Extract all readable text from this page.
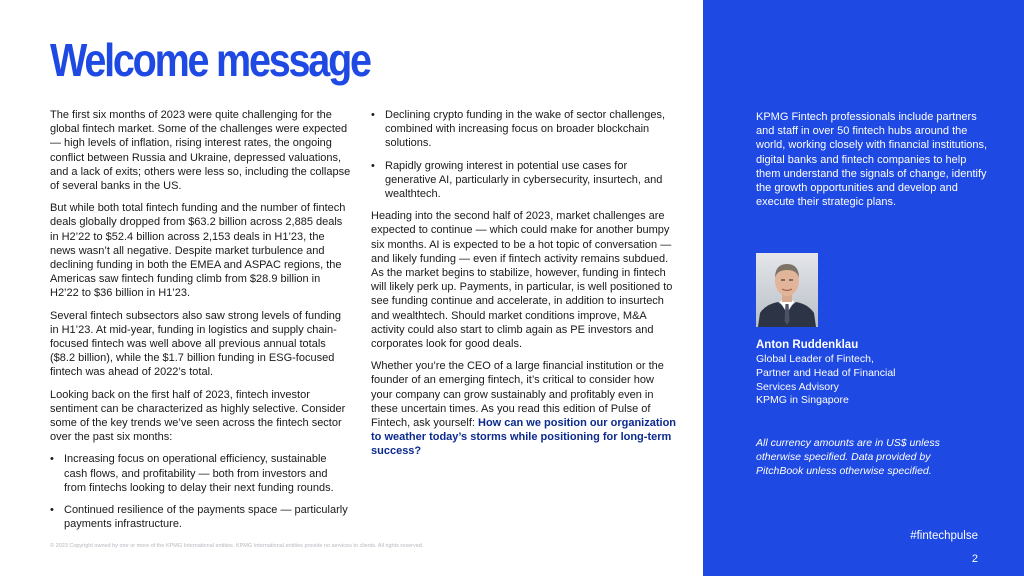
Welcome message

The first six months of 2023 were quite challenging for the global fintech market. Some of the challenges were expected — high levels of inflation, rising interest rates, the ongoing conflict between Russia and Ukraine, depressed valuations, and a lack of exits; others were less so, including the collapse of several banks in the US.

But while both total fintech funding and the number of fintech deals globally dropped from $63.2 billion across 2,885 deals in H2’22 to $52.4 billion across 2,153 deals in H1’23, the news wasn’t all negative. Despite market turbulence and declining funding in both the EMEA and ASPAC regions, the Americas saw fintech funding climb from $28.9 billion in H2’22 to $36 billion in H1’23.

Several fintech subsectors also saw strong levels of funding in H1’23. At mid-year, funding in logistics and supply chain-focused fintech was well above all previous annual totals ($8.2 billion), while the $1.7 billion funding in ESG-focused fintech was ahead of 2022’s total.

Looking back on the first half of 2023, fintech investor sentiment can be characterized as highly selective. Consider some of the key trends we’ve seen across the fintech sector over the past six months:

• Increasing focus on operational efficiency, sustainable cash flows, and profitability — both from investors and from fintechs looking to delay their next funding rounds.
• Continued resilience of the payments space — particularly payments infrastructure.
• Declining crypto funding in the wake of sector challenges, combined with increasing focus on broader blockchain solutions.
• Rapidly growing interest in potential use cases for generative AI, particularly in cybersecurity, insurtech, and wealthtech.

Heading into the second half of 2023, market challenges are expected to continue — which could make for another bumpy six months. AI is expected to be a hot topic of conversation — and likely funding — even if fintech activity remains subdued. As the market begins to stabilize, however, funding in fintech will likely perk up. Payments, in particular, is well positioned to see funding continue and accelerate, in addition to insurtech and wealthtech. Should market conditions improve, M&A activity could also start to climb again as PE investors and corporates look for good deals.

Whether you’re the CEO of a large financial institution or the founder of an emerging fintech, it’s critical to consider how your company can grow sustainably and profitably even in these uncertain times. As you read this edition of Pulse of Fintech, ask yourself: How can we position our organization to weather today’s storms while positioning for long-term success?

© 2023 Copyright owned by one or more of the KPMG International entities. KPMG International entities provide no services to clients. All rights reserved.

KPMG Fintech professionals include partners and staff in over 50 fintech hubs around the world, working closely with financial institutions, digital banks and fintech companies to help them understand the signals of change, identify the growth opportunities and develop and execute their strategic plans.

Anton Ruddenklau

Global Leader of Fintech,
Partner and Head of Financial
Services Advisory
KPMG in Singapore

All currency amounts are in US$ unless otherwise specified. Data provided by PitchBook unless otherwise specified.

#fintechpulse
2
